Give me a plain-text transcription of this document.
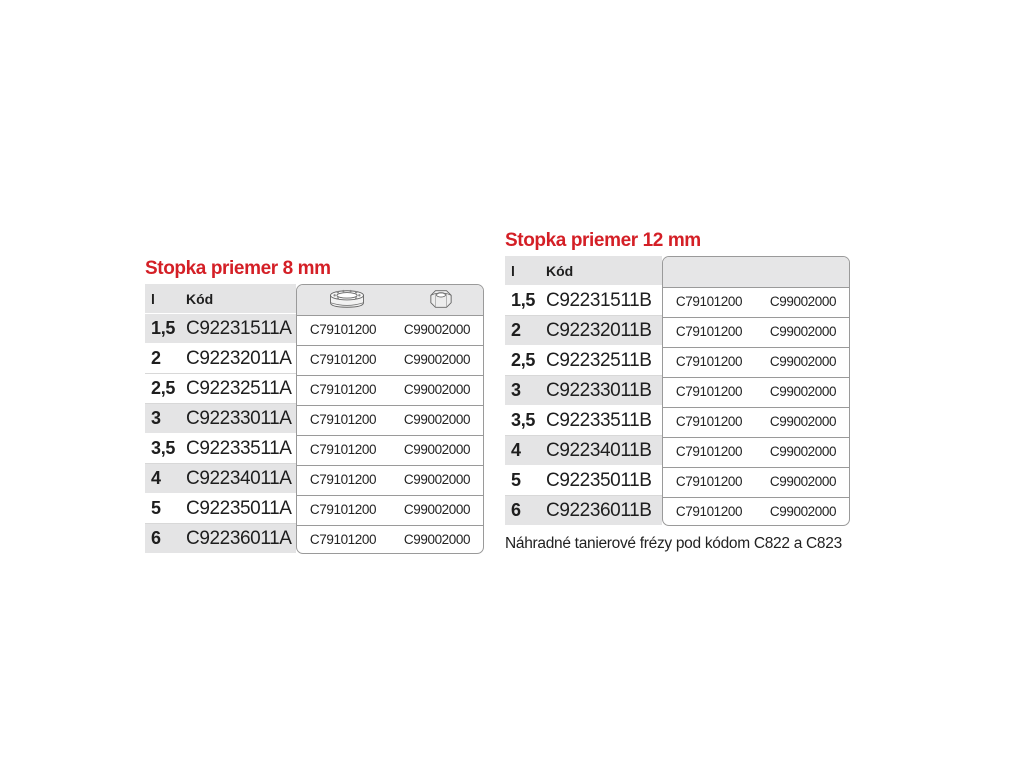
Stopka priemer 8 mm
l	Kód
1,5 C92231511A	C79101200 C99002000
2	C92232011A	C79101200 C99002000
2,5 C92232511A	C79101200 C99002000
3	C92233011A	C79101200 C99002000
3,5 C92233511A	C79101200 C99002000
4	C92234011A	C79101200 C99002000
5	C92235011A	C79101200 C99002000
6	C92236011A	C79101200 C99002000
Stopka priemer 12 mm
l	Kód
1,5 C92231511B	C79101200 C99002000
2	C92232011B	C79101200 C99002000
2,5 C92232511B	C79101200 C99002000
3	C92233011B	C79101200 C99002000
3,5 C92233511B	C79101200 C99002000
4	C92234011B	C79101200 C99002000
5	C92235011B	C79101200 C99002000
6	C92236011B	C79101200 C99002000
Náhradné tanierové frézy pod kódom C822 a C823
